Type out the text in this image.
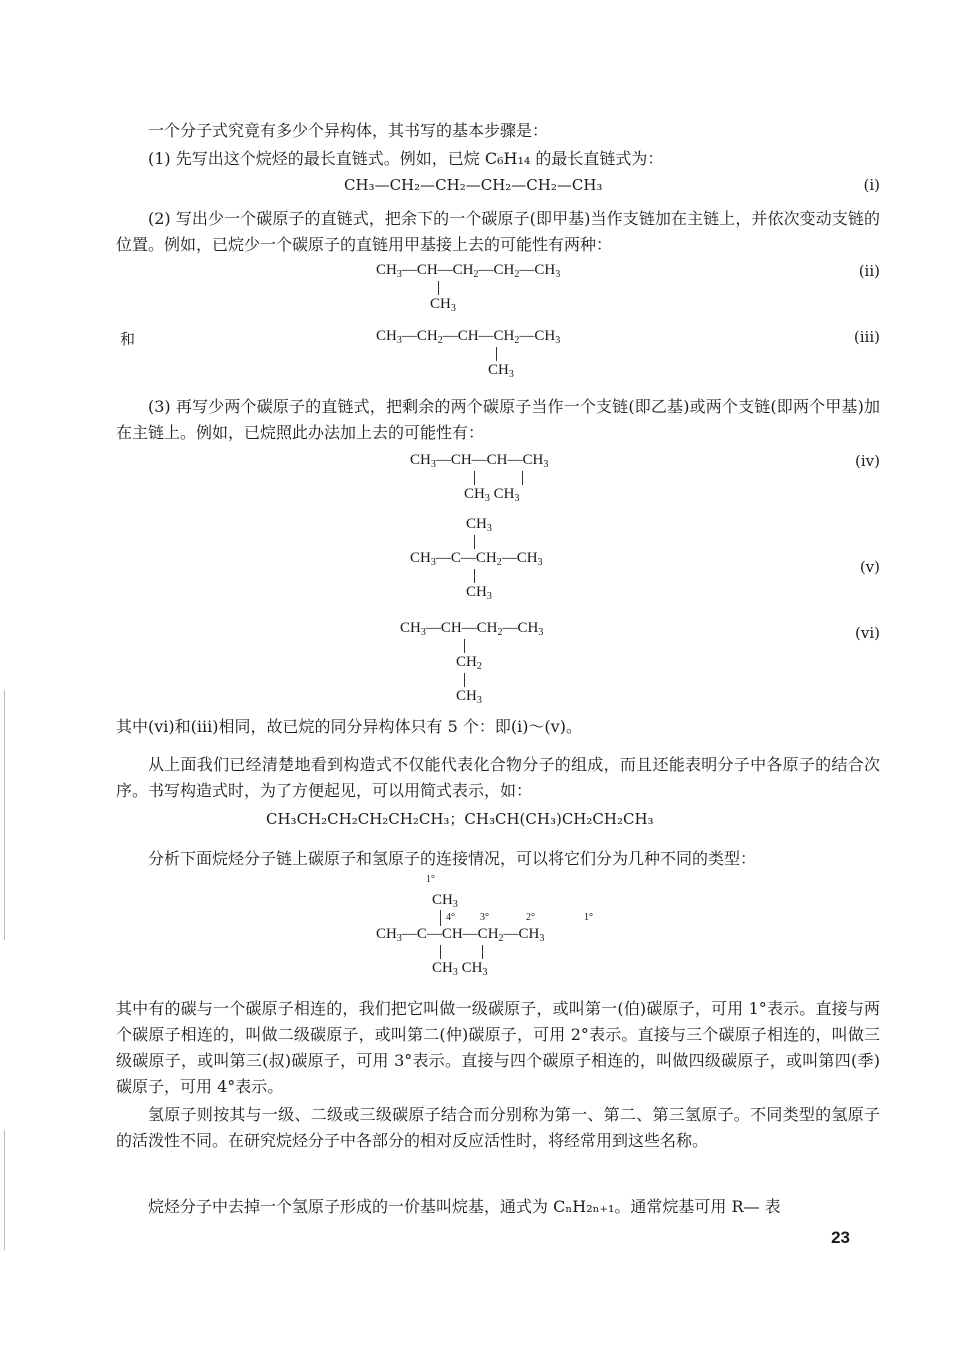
一个分子式究竟有多少个异构体，其书写的基本步骤是：

(1) 先写出这个烷烃的最长直链式。例如，已烷 C₆H₁₄ 的最长直链式为：

CH₃—CH₂—CH₂—CH₂—CH₂—CH₃	(i)

(2) 写出少一个碳原子的直链式，把余下的一个碳原子(即甲基)当作支链加在主链上，并依次变动支链的位置。例如，已烷少一个碳原子的直链用甲基接上去的可能性有两种：

$CH_3—CH—CH_2—CH_2—CH_3$
$CH_3$
(ii)
和	$CH_3—CH_2—CH—CH_2—CH_3$
$CH_3$
(iii)

(3) 再写少两个碳原子的直链式，把剩余的两个碳原子当作一个支链(即乙基)或两个支链(即两个甲基)加在主链上。例如，已烷照此办法加上去的可能性有：

$CH_3—CH—CH—CH_3$
$CH_3$ $CH_3$
(iv)
$CH_3$
$CH_3—C—CH_2—CH_3$
$CH_3$
(v)
$CH_3—CH—CH_2—CH_3$
$CH_2$
$CH_3$
(vi)

其中(vi)和(iii)相同，故已烷的同分异构体只有 5 个：即(i)～(v)。

从上面我们已经清楚地看到构造式不仅能代表化合物分子的组成，而且还能表明分子中各原子的结合次序。书写构造式时，为了方便起见，可以用简式表示，如：

CH₃CH₂CH₂CH₂CH₂CH₃；CH₃CH(CH₃)CH₂CH₂CH₃

分析下面烷烃分子链上碳原子和氢原子的连接情况，可以将它们分为几种不同的类型：

1°
$CH_3$
4°	3°	2°	1°
$CH_3—C—CH—CH_2—CH_3$
$CH_3$ $CH_3$

其中有的碳与一个碳原子相连的，我们把它叫做一级碳原子，或叫第一(伯)碳原子，可用 1°表示。直接与两个碳原子相连的，叫做二级碳原子，或叫第二(仲)碳原子，可用 2°表示。直接与三个碳原子相连的，叫做三级碳原子，或叫第三(叔)碳原子，可用 3°表示。直接与四个碳原子相连的，叫做四级碳原子，或叫第四(季)碳原子，可用 4°表示。

氢原子则按其与一级、二级或三级碳原子结合而分别称为第一、第二、第三氢原子。不同类型的氢原子的活泼性不同。在研究烷烃分子中各部分的相对反应活性时，将经常用到这些名称。

烷烃分子中去掉一个氢原子形成的一价基叫烷基，通式为 CₙH₂ₙ₊₁。通常烷基可用 R— 表

23
